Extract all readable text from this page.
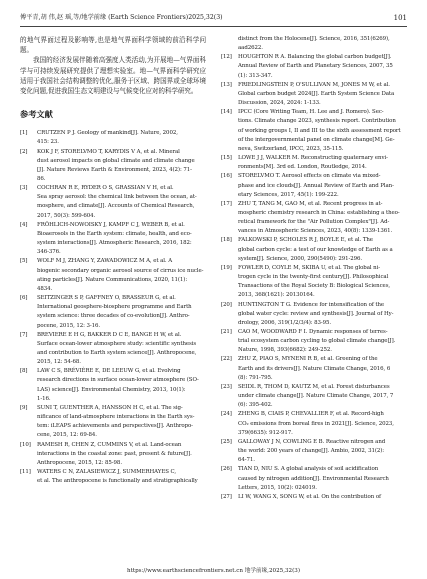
傅平青,胡 伟,赵 瑶,等/地学前缘 (Earth Science Frontiers)2025,32(3)	101

的地气界面过程及影响等,也是地气界面科学领域的前沿科学问题。

我国的经济发展伴随着高强度人类活动,为开展地—气界面科学与可持续发展研究提供了理想实验室。地—气界面科学研究应适用于我国社会结构调整的优化,服务于区域、跨国界或全球环境变化问题,促进我国生态文明建设与气候变化应对的科学研究。

参考文献
[1] CRUTZEN P J. Geology of mankind[J]. Nature, 2002,
415: 23.
[2] KOK J F, STORELVMO T, KARYDIS V A, et al. Mineral
dust aerosol impacts on global climate and climate change
[J]. Nature Reviews Earth & Environment, 2023, 4(2): 71-
86.
[3] COCHRAN R E, RYDER O S, GRASSIAN V H, et al.
Sea spray aerosol: the chemical link between the ocean, at-
mosphere, and climate[J]. Accounts of Chemical Research,
2017, 50(3): 599-604.
[4] FRÖHLICH-NOWOISKY J, KAMPF C J, WEBER B, et al.
Bioaerosols in the Earth system: climate, health, and eco-
system interactions[J]. Atmospheric Research, 2016, 182:
346-376.
[5] WOLF M J, ZHANG Y, ZAWADOWICZ M A, et al. A
biogenic secondary organic aerosol source of cirrus ice nucle-
ating particles[J]. Nature Communications, 2020, 11(1):
4834.
[6] SEITZINGER S P, GAFFNEY O, BRASSEUR G, et al.
International geosphere-biosphere programme and Earth
system science: three decades of co-evolution[J]. Anthro-
pocene, 2015, 12: 3-16.
[7] BREVIERE E H G, BAKKER D C E, BANGE H W, et al.
Surface ocean-lower atmosphere study: scientific synthesis
and contribution to Earth system science[J]. Anthropocene,
2015, 12: 54-68.
[8] LAW C S, BRÉVIÈRE E, DE LEEUW G, et al. Evolving
research directions in surface ocean-lower atmosphere (SO-
LAS) science[J]. Environmental Chemistry, 2013, 10(1):
1-16.
[9] SUNI T, GUENTHER A, HANSSON H C, et al. The sig-
nificance of land-atmosphere interactions in the Earth sys-
tem: iLEAPS achievements and perspectives[J]. Anthropo-
cene, 2015, 12: 69-84.
[10] RAMESH R, CHEN Z, CUMMINS V, et al. Land-ocean
interactions in the coastal zone: past, present & future[J].
Anthropocene, 2015, 12: 85-98.
[11] WATERS C N, ZALASIEWICZ J, SUMMERHAYES C,
et al. The anthropocene is functionally and stratigraphically
distinct from the Holocene[J]. Science, 2016, 351(6269),
aad2622.
[12] HOUGHTON R A. Balancing the global carbon budget[J].
Annual Review of Earth and Planetary Sciences, 2007, 35
(1): 313-347.
[13] FRIEDLINGSTEIN P, O'SULLIVAN M, JONES M W, et al.
Global carbon budget 2024[J]. Earth System Science Data
Discussion, 2024, 2024: 1-133.
[14] IPCC (Core Writing Team, H. Lee and J. Romero). Sec-
tions. Climate change 2023, synthesis report. Contribution
of working groups I, II and III to the sixth assessment report
of the intergovernmental panel on climate change[M]. Ge-
neva, Switzerland, IPCC, 2023, 35-115.
[15] LOWE J J, WALKER M. Reconstructing quaternary envi-
ronments[M]. 3rd ed. London, Routledge, 2014.
[16] STORELVMO T. Aerosol effects on climate via mixed-
phase and ice clouds[J]. Annual Review of Earth and Plan-
etary Sciences, 2017, 45(1): 199-222.
[17] ZHU T, TANG M, GAO M, et al. Recent progress in at-
mospheric chemistry research in China: establishing a theo-
retical framework for the "Air Pollution Complex"[J]. Ad-
vances in Atmospheric Sciences, 2023, 40(8): 1339-1361.
[18] FALKOWSKI P, SCHOLES R J, BOYLE E, et al. The
global carbon cycle: a test of our knowledge of Earth as a
system[J]. Science, 2000, 290(5490): 291-296.
[19] FOWLER D, COYLE M, SKIBA U, et al. The global ni-
trogen cycle in the twenty-first century[J]. Philosophical
Transactions of the Royal Society B: Biological Sciences,
2013, 368(1621): 20130164.
[20] HUNTINGTON T G. Evidence for intensification of the
global water cycle: review and synthesis[J]. Journal of Hy-
drology, 2006, 319(1/2/3/4): 83-95.
[21] CAO M, WOODWARD F I. Dynamic responses of terres-
trial ecosystem carbon cycling to global climate change[J].
Nature, 1998, 393(6682): 249-252.
[22] ZHU Z, PIAO S, MYNENI R B, et al. Greening of the
Earth and its drivers[J]. Nature Climate Change, 2016, 6
(8): 791-795.
[23] SEIDL R, THOM D, KAUTZ M, et al. Forest disturbances
under climate change[J]. Nature Climate Change, 2017, 7
(6): 395-402.
[24] ZHENG B, CIAIS P, CHEVALLIER F, et al. Record-high
CO₂ emissions from boreal fires in 2021[J]. Science, 2023,
379(6635): 912-917.
[25] GALLOWAY J N, COWLING E B. Reactive nitrogen and
the world: 200 years of change[J]. Ambio, 2002, 31(2):
64-71.
[26] TIAN D, NIU S. A global analysis of soil acidification
caused by nitrogen addition[J]. Environmental Research
Letters, 2015, 10(2): 024019.
[27] LI W, WANG X, SONG W, et al. On the contribution of
https://www.earthsciencefrontiers.net.cn 地学前缘,2025,32(3)
